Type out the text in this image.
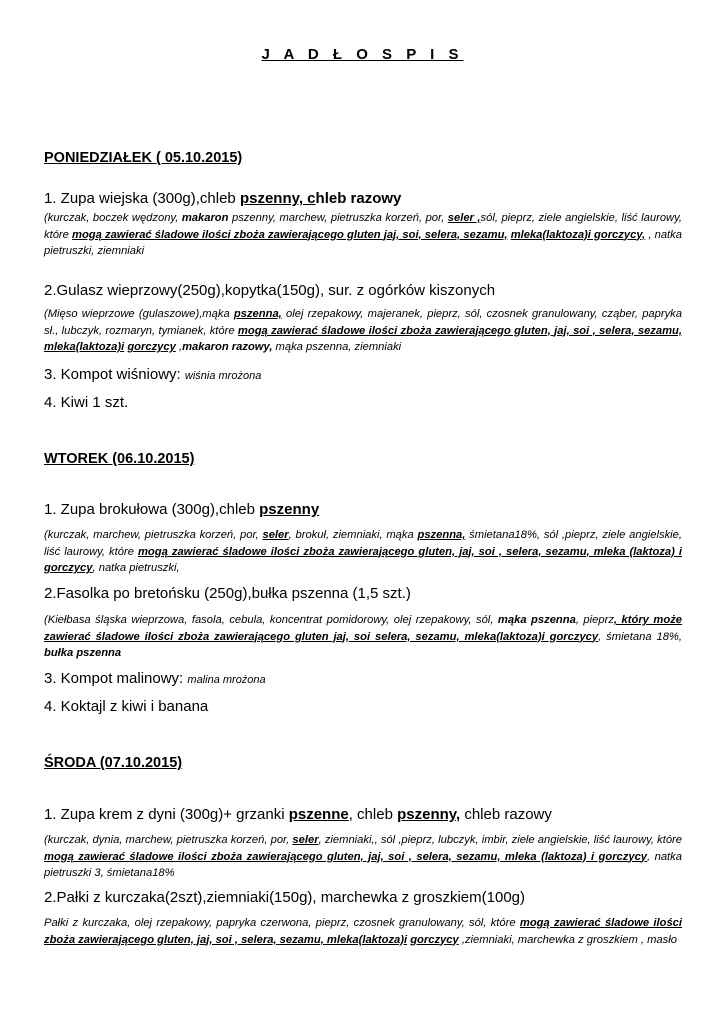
J A D Ł O S P I S
PONIEDZIAŁEK ( 05.10.2015)
1. Zupa wiejska (300g),chleb pszenny, chleb razowy
(kurczak, boczek wędzony, makaron pszenny, marchew, pietruszka korzeń, por, seler ,sól, pieprz, ziele angielskie, liść laurowy, które mogą zawierać śladowe ilości zboża zawierającego gluten jaj, soi, selera, sezamu, mleka(laktoza)i gorczycy, , natka pietruszki, ziemniaki
2.Gulasz wieprzowy(250g),kopytka(150g), sur. z ogórków kiszonych
(Mięso wieprzowe (gulaszowe),mąka pszenna, olej rzepakowy, majeranek, pieprz, sól, czosnek granulowany, cząber, papryka sł., lubczyk, rozmaryn, tymianek, które mogą zawierać śladowe ilości zboża zawierającego gluten, jaj, soi , selera, sezamu, mleka(laktoza)i gorczycy ,makaron razowy, mąka pszenna, ziemniaki
3. Kompot wiśniowy: wiśnia mrożona
4. Kiwi 1 szt.
WTOREK (06.10.2015)
1. Zupa brokułowa (300g),chleb pszenny
(kurczak, marchew, pietruszka korzeń, por, seler, brokuł, ziemniaki, mąka pszenna, śmietana18%, sól ,pieprz, ziele angielskie, liść laurowy, które mogą zawierać śladowe ilości zboża zawierającego gluten, jaj, soi , selera, sezamu, mleka (laktoza) i gorczycy, natka pietruszki,
2.Fasolka po bretońsku (250g),bułka pszenna (1,5 szt.)
(Kiełbasa śląska wieprzowa, fasola, cebula, koncentrat pomidorowy, olej rzepakowy, sól, mąka pszenna, pieprz, który może zawierać śladowe ilości zboża zawierającego gluten jaj, soi selera, sezamu, mleka(laktoza)i gorczycy, śmietana 18%, bułka pszenna
3. Kompot malinowy: malina mrożona
4. Koktajl z kiwi i banana
ŚRODA (07.10.2015)
1. Zupa krem z dyni (300g)+ grzanki pszenne, chleb pszenny, chleb razowy
(kurczak, dynia, marchew, pietruszka korzeń, por, seler, ziemniaki,, sól ,pieprz, lubczyk, imbir, ziele angielskie, liść laurowy, które mogą zawierać śladowe ilości zboża zawierającego gluten, jaj, soi , selera, sezamu, mleka (laktoza) i gorczycy, natka pietruszki 3, śmietana18%
2.Pałki z kurczaka(2szt),ziemniaki(150g), marchewka z groszkiem(100g)
Pałki z kurczaka, olej rzepakowy, papryka czerwona, pieprz, czosnek granulowany, sól, które mogą zawierać śladowe ilości zboża zawierającego gluten, jaj, soi , selera, sezamu, mleka(laktoza)i gorczycy ,ziemniaki, marchewka z groszkiem , masło
